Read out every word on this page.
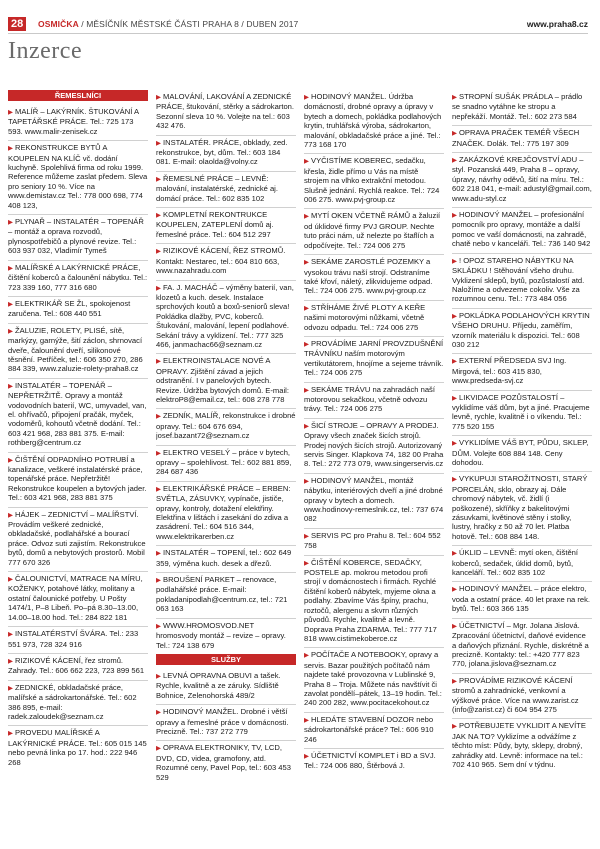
28	OSMIČKA / MĚSÍČNÍK MĚSTSKÉ ČÁSTI PRAHA 8 / DUBEN 2017	www.praha8.cz
Inzerce
ŘEMESLNÍCI
▶ MALÍŘ – LAKÝRNÍK. ŠTUKOVÁNÍ A TAPETÁŘSKÉ PRÁCE. Tel.: 725 173 593. www.malir-zenisek.cz
▶ REKONSTRUKCE BYTŮ A KOUPELEN NA KLÍČ vč. dodání kuchyně. Spolehlivá firma od roku 1999. Reference můžeme zaslat předem. Sleva pro seniory 10 %. Více na www.demistav.cz Tel.: 778 000 698, 774 408 123,
▶ PLYNAŘ – INSTALATÉR – TOPENÁŘ – montáž a oprava rozvodů, plynospotřebičů a plynové revize. Tel.: 603 937 032, Vladimír Tymeš
▶ MALÍŘSKÉ A LAKÝRNICKÉ PRÁCE, čištění koberců a čalounění nábytku. Tel.: 723 339 160, 777 316 680
▶ ELEKTRIKÁŘ SE ŽL, spokojenost zaručena. Tel.: 608 440 551
▶ ŽALUZIE, ROLETY, PLISÉ, sítě, markýzy, garnýže, šití záclon, shrnovací dveře, čalounění dveří, silikonové těsnění. Petříček, tel.: 606 350 270, 286 884 339, www.zaluzie-rolety-praha8.cz
▶ INSTALATÉR – TOPENÁŘ – NEPŘETRŽITĚ. Opravy a montáž vodovodních baterií, WC, umyvadel, van, el. ohřívačů, připojení pračák, myček, vodoměrů, kohoutů včetně dodání. Tel.: 603 421 968, 283 881 375. E-mail: rothberg@centrum.cz
▶ ČIŠTĚNÍ ODPADNÍHO POTRUBÍ a kanalizace, veškeré instalatérské práce, topenářské práce. Nepřetržitě! Rekonstrukce koupelen a bytových jader. Tel.: 603 421 968, 283 881 375
▶ HÁJEK – ZEDNICTVÍ – MALÍŘSTVÍ. Provádím veškeré zednické, obkladačské, podlahářské a bourací práce. Odvoz suti zajistím. Rekonstrukce bytů, domů a nebytových prostorů. Mobil 777 670 326
▶ ČALOUNICTVÍ, MATRACE NA MÍRU, KOŽENKY, potahové látky, molitany a ostatní čalounické potřeby. U Pošty 1474/1, P–8 Libeň. Po–pá 8.30–13.00, 14.00–18.00 hod. Tel.: 284 822 181
▶ INSTALATÉRSTVÍ ŠVÁRA. Tel.: 233 551 973, 728 324 916
▶ RIZIKOVÉ KÁCENÍ, řez stromů. Zahrady. Tel.: 606 662 223, 723 899 561
▶ ZEDNICKÉ, obkladačské práce, malířské a sádrokartonářské. Tel.: 602 386 895, e-mail: radek.zaloudek@seznam.cz
▶ PROVEDU MALÍŘSKÉ A LAKÝRNICKÉ PRÁCE. Tel.: 605 015 145 nebo pevná linka po 17. hod.: 222 946 268
▶ MALOVÁNÍ, LAKOVÁNÍ A ZEDNICKÉ PRÁCE, štukování, stěrky a sádrokarton. Sezonní sleva 10 %. Volejte na tel.: 603 432 476.
▶ INSTALATÉR. PRÁCE, obklady, zed. rekonstrukce, byt, dům. Tel.: 603 184 081. E-mail: olaolda@volny.cz
▶ ŘEMESLNÉ PRÁCE – LEVNĚ: malování, instalatérské, zednické aj. domácí práce. Tel.: 602 835 102
▶ KOMPLETNÍ REKONTRUKCE KOUPELEN, ZATEPLENÍ domů aj. řemeslné práce. Tel.: 604 512 297
▶ RIZIKOVÉ KÁCENÍ, ŘEZ STROMŮ. Kontakt: Nestarec, tel.: 604 810 663, www.nazahradu.com
▶ FA. J. MACHÁČ – výměny baterií, van, klozetů a kuch. desek. Instalace sprchových koutů a boxů-seniorů sleva! Pokládka dlažby, PVC, koberců. Štukování, malování, lepení podlahové. Sekání trávy a vyklizení. Tel.: 777 325 466, janmachac66@seznam.cz
▶ ELEKTROINSTALACE NOVÉ A OPRAVY. Zjištění závad a jejich odstranění. I v panelových bytech. Revize. Údržba bytových domů. E-mail: elektroP8@email.cz, tel.: 608 278 778
▶ ZEDNÍK, MALÍŘ, rekonstrukce i drobné opravy. Tel.: 604 676 694, josef.bazant72@seznam.cz
▶ ELEKTRO VESELÝ – práce v bytech, opravy – spolehlivost. Tel.: 602 881 859, 284 687 436
▶ ELEKTRIKÁŘSKÉ PRÁCE – ERBEN: SVĚTLA, ZÁSUVKY, vypínače, jističe, opravy, kontroly, dotažení elektřiny. Elektřina v lištách i zasekání do zdiva a zasádrení. Tel.: 604 516 344, www.elektrikarerben.cz
▶ INSTALATÉR – TOPENÍ, tel.: 602 649 359, výměna kuch. desek a dřezů.
▶ BROUŠENÍ PARKET – renovace, podlahářské práce. E-mail: pokladanipodlah@centrum.cz, tel.: 721 063 163
▶ WWW.HROMOSVOD.NET hromosvody montáž – revize – opravy. Tel.: 724 138 679
SLUŽBY
▶ LEVNÁ OPRAVNA OBUVI a tašek. Rychle, kvalitně a ze záruky. Sídliště Bohnice, Zelenohorská 489/2
▶ HODINOVÝ MANŽEL. Drobné i větší opravy a řemeslné práce v domácnosti. Precizně. Tel.: 737 272 779
▶ OPRAVA ELEKTRONIKY, TV, LCD, DVD, CD, videa, gramofony, atd. Rozumné ceny, Pavel Pop, tel.: 603 453 529
▶ HODINOVÝ MANŽEL. Údržba domácností, drobné opravy a úpravy v bytech a domech, pokládka podlahových krytin, truhlářská výroba, sádrokarton, malování, obkladačské práce a jiné. Tel.: 773 168 170
▶ VYČISTÍME KOBEREC, sedačku, křesla, židle přímo u Vás na místě strojem na vlhko extrakční metodou. Slušně jednání. Rychlá reakce. Tel.: 724 006 275. www.pvj-group.cz
▶ MYTÍ OKEN VČETNĚ RÁMŮ a žaluzií od úklidové firmy PVJ GROUP. Nechte tuto práci nám, už nelezte po štaflích a odpočívejte. Tel.: 724 006 275
▶ SEKÁME ZAROSTLÉ POZEMKY a vysokou trávu naší strojí. Odstraníme také křoví, náletý, zlikvidujeme odpad. Tel.: 724 006 275. www.pvj-group.cz
▶ STŘÍHÁME ŽIVÉ PLOTY A KEŘE našimi motorovými nůžkami, včetně odvozu odpadu. Tel.: 724 006 275
▶ PROVÁDÍME JARNÍ PROVZDUŠNĚNÍ TRÁVNÍKU naším motorovým vertikutátorem, hnojíme a sejeme trávník. Tel.: 724 006 275
▶ SEKÁME TRÁVU na zahradách naší motorovou sekačkou, včetně odvozu trávy. Tel.: 724 006 275
▶ ŠICÍ STROJE – OPRAVY A PRODEJ. Opravy všech značek šicích strojů. Prodej nových šicích strojů. Autorizovaný servis Singer. Klapkova 74, 182 00 Praha 8. Tel.: 272 773 079, www.singerservis.cz
▶ HODINOVÝ MANŽEL, montáž nábytku, interiérových dveří a jiné drobné opravy v bytech a domech. www.hodinovy-remeslnik.cz, tel.: 737 674 082
▶ SERVIS PC pro Prahu 8. Tel.: 604 552 758
▶ ČIŠTĚNÍ KOBERCE, SEDAČKY, POSTELE ap. mokrou metodou profi strojí v domácnostech i firmách. Rychlé čištění koberů nábytek, myjeme okna a podlahy. Zbavíme Vás špíny, prachu, roztočů, alergenu a skvrn různých původů. Rychle, kvalitně a levně. Doprava Praha ZDARMA. Tel.: 777 717 818 www.cistimekoberce.cz
▶ POČÍTAČE A NOTEBOOKY, opravy a servis. Bazar použitých počítačů nám najdete také provozovna v Lublinské 9, Praha 8 – Troja. Můžete nás navštívit či zavolat pondělí–pátek, 13–19 hodin. Tel.: 240 200 282, www.pocitacekohout.cz
▶ HLEDÁTE STAVEBNÍ DOZOR nebo sádrokartonářské práce? Tel.: 606 910 246
▶ ÚČETNICTVÍ KOMPLET i BD a SVJ. Tel.: 724 006 880, Štěrbová J.
▶ STROPNÍ SUŠÁK PRÁDLA – prádlo se snadno vytáhne ke stropu a nepřekáží. Montáž. Tel.: 602 273 584
▶ OPRAVA PRAČEK TEMÉŘ VŠECH ZNAČEK. Dolák. Tel.: 775 197 309
▶ ZAKÁZKOVÉ KREJČOVSTVÍ ADU – styl. Pozanská 449, Praha 8 – opravy, úpravy, návrhy oděvů, šití na míru. Tel.: 602 218 041, e-mail: adustyl@gmail.com, www.adu-styl.cz
▶ HODINOVÝ MANŽEL – profesionální pomocník pro opravy, montáže a další pomoc ve vaší domácnosti, na zahradě, chatě nebo v kanceláři. Tel.: 736 140 942
▶ ! OPOZ STAREHO NÁBYTKU NA SKLÁDKU ! Stěhování všeho druhu. Vyklizení sklepů, bytů, pozůstalostí atd. Naložíme a odvezeme cokoliv. Vše za rozumnou cenu. Tel.: 773 484 056
▶ POKLÁDKA PODLAHOVÝCH KRYTIN VŠEHO DRUHU. Příjedu, zaměřím, vzorník materiálu k dispozici. Tel.: 608 030 212
▶ EXTERNÍ PŘEDSEDA SVJ Ing. Mirgová, tel.: 603 415 830, www.predseda-svj.cz
▶ LIKVIDACE POZŮSTALOSTÍ – vyklidíme váš dům, byt a jiné. Pracujeme levně, rychle, kvalitně i o víkendu. Tel.: 775 520 155
▶ VYKLIDÍME VÁŠ BYT, PŮDU, SKLEP, DŮM. Volejte 608 884 148. Ceny dohodou.
▶ VYKUPUJI STAROŽITNOSTI, STARÝ PORCELÁN, sklo, obrazy aj. Dále chromový nábytek, vč. židlí (i poškozené), skříňky z bakelitovými zásuvkami, květinové stěny i stolky, lustry, hračky z 50 až 70 let. Platba hotově. Tel.: 608 884 148.
▶ ÚKLID – LEVNĚ: mytí oken, čištění koberců, sedaček, úklid domů, bytů, kanceláří. Tel.: 602 835 102
▶ HODINOVÝ MANŽEL – práce elektro, voda a ostatní práce. 40 let praxe na rek. bytů. Tel.: 603 366 135
▶ ÚČETNICTVÍ – Mgr. Jolana Jislová. Zpracování účetnictví, daňové evidence a daňových přiznání. Rychle, diskrétně a precizně. Kontakty: tel.: +420 777 823 770, jolana.jislova@seznam.cz
▶ PROVÁDÍME RIZIKOVÉ KÁCENÍ stromů a zahradnické, venkovní a výškové práce. Více na www.zarist.cz (info@zarist.cz) či 604 954 275
▶ POTŘEBUJETE VYKLIDIT A NEVÍTE JAK NA TO? Vyklizíme a odvážíme z těchto míst: Půdy, byty, sklepy, drobný, zahrádky atd. Levně: informace na tel.: 702 410 965. Sem dní v týdnu.
